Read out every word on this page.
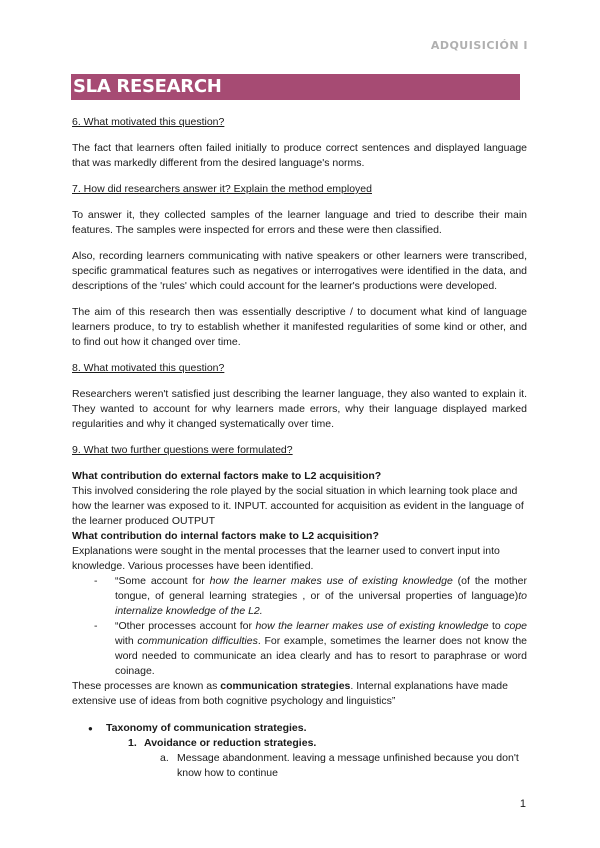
ADQUISICIÓN I
SLA RESEARCH
6. What motivated this question?

The fact that learners often failed initially to produce correct sentences and displayed language that was markedly different from the desired language's norms.

7. How did researchers answer it? Explain the method employed

To answer it, they collected samples of the learner language and tried to describe their main features. The samples were inspected for errors and these were then classified.

Also, recording learners communicating with native speakers or other learners were transcribed, specific grammatical features such as negatives or interrogatives were identified in the data, and descriptions of the 'rules' which could account for the learner's productions were developed.

The aim of this research then was essentially descriptive / to document what kind of language learners produce, to try to establish whether it manifested regularities of some kind or other, and to find out how it changed over time.

8. What motivated this question?

Researchers weren't satisfied just describing the learner language, they also wanted to explain it. They wanted to account for why learners made errors, why their language displayed marked regularities and why it changed systematically over time.

9. What two further questions were formulated?

What contribution do external factors make to L2 acquisition?

This involved considering the role played by the social situation in which learning took place and how the learner was exposed to it. INPUT. accounted for acquisition as evident in the language of the learner produced OUTPUT

What contribution do internal factors make to L2 acquisition?

Explanations were sought in the mental processes that the learner used to convert input into knowledge. Various processes have been identified.

- “Some account for how the learner makes use of existing knowledge (of the mother tongue, of general learning strategies , or of the universal properties of language)to internalize knowledge of the L2.
- “Other processes account for how the learner makes use of existing knowledge to cope with communication difficulties. For example, sometimes the learner does not know the word needed to communicate an idea clearly and has to resort to paraphrase or word coinage.

These processes are known as communication strategies. Internal explanations have made extensive use of ideas from both cognitive psychology and linguistics”

● Taxonomy of communication strategies.
1. Avoidance or reduction strategies.
a. Message abandonment. leaving a message unfinished because you don't know how to continue
1
